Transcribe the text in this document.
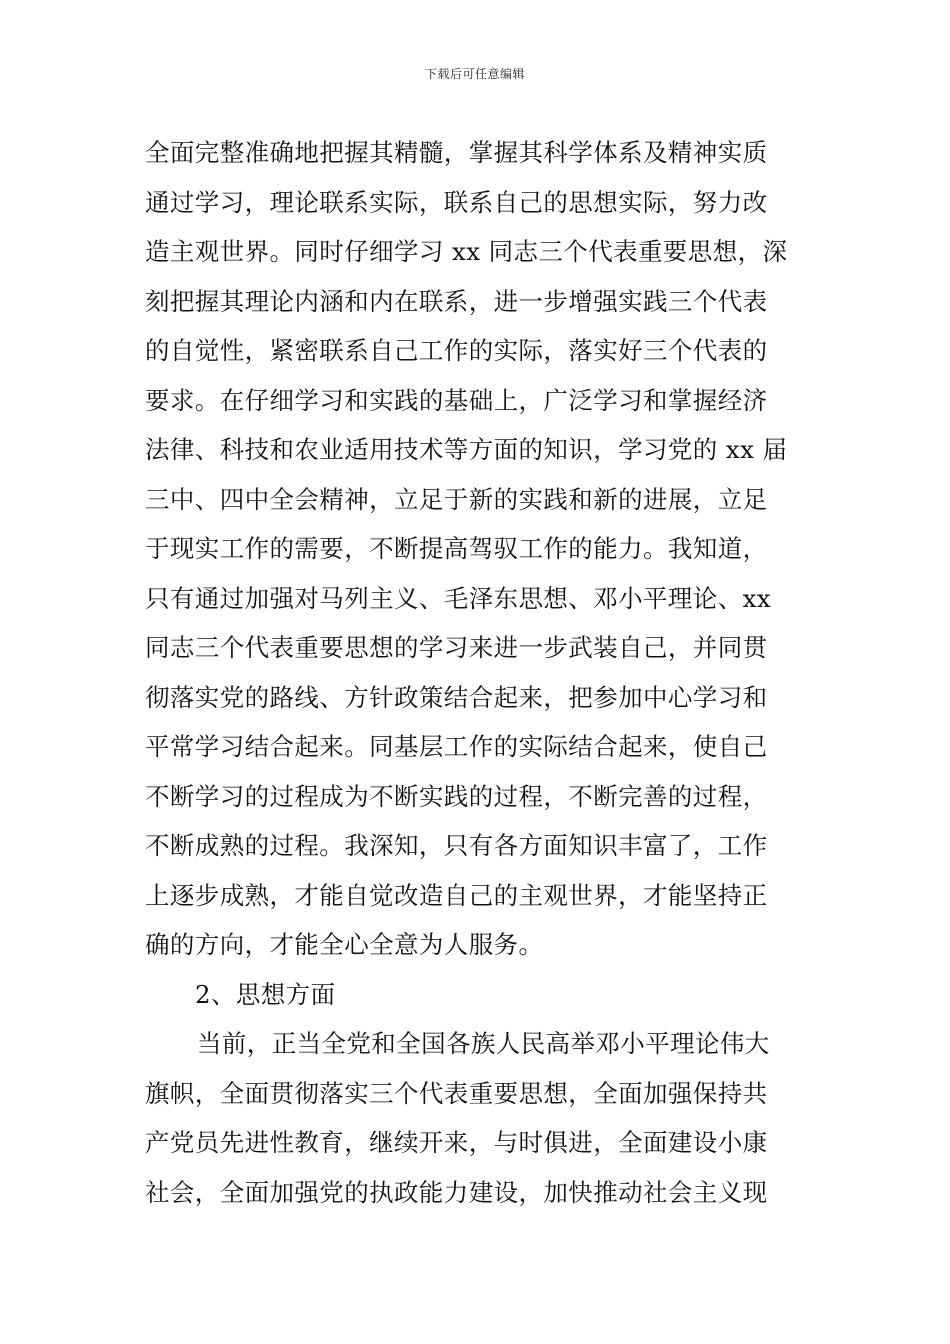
下载后可任意编辑
全面完整准确地把握其精髓，掌握其科学体系及精神实质
通过学习，理论联系实际，联系自己的思想实际，努力改
造主观世界。同时仔细学习 xx 同志三个代表重要思想，深
刻把握其理论内涵和内在联系，进一步增强实践三个代表
的自觉性，紧密联系自己工作的实际，落实好三个代表的
要求。在仔细学习和实践的基础上，广泛学习和掌握经济
法律、科技和农业适用技术等方面的知识，学习党的 xx 届
三中、四中全会精神，立足于新的实践和新的进展，立足
于现实工作的需要，不断提高驾驭工作的能力。我知道，
只有通过加强对马列主义、毛泽东思想、邓小平理论、xx
同志三个代表重要思想的学习来进一步武装自己，并同贯
彻落实党的路线、方针政策结合起来，把参加中心学习和
平常学习结合起来。同基层工作的实际结合起来，使自己
不断学习的过程成为不断实践的过程，不断完善的过程，
不断成熟的过程。我深知，只有各方面知识丰富了，工作
上逐步成熟，才能自觉改造自己的主观世界，才能坚持正
确的方向，才能全心全意为人服务。
2、思想方面
当前，正当全党和全国各族人民高举邓小平理论伟大
旗帜，全面贯彻落实三个代表重要思想，全面加强保持共
产党员先进性教育，继续开来，与时俱进，全面建设小康
社会，全面加强党的执政能力建设，加快推动社会主义现
